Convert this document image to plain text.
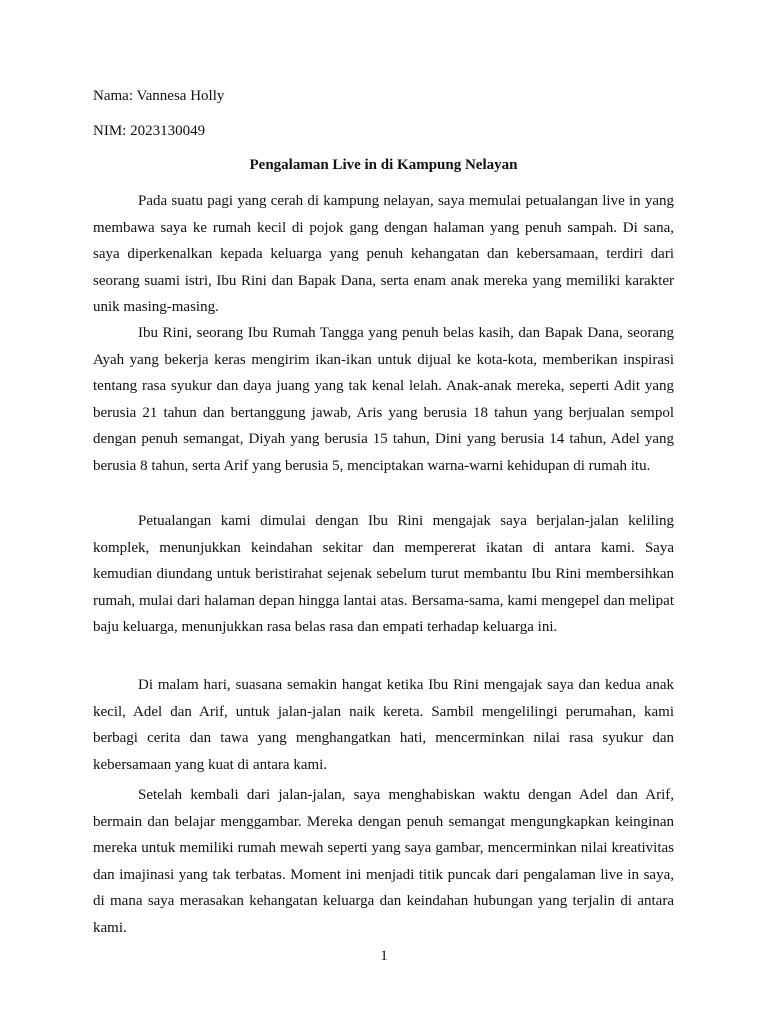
Nama: Vannesa Holly
NIM: 2023130049
Pengalaman Live in di Kampung Nelayan

Pada suatu pagi yang cerah di kampung nelayan, saya memulai petualangan live in yang membawa saya ke rumah kecil di pojok gang dengan halaman yang penuh sampah. Di sana, saya diperkenalkan kepada keluarga yang penuh kehangatan dan kebersamaan, terdiri dari seorang suami istri, Ibu Rini dan Bapak Dana, serta enam anak mereka yang memiliki karakter unik masing-masing.

Ibu Rini, seorang Ibu Rumah Tangga yang penuh belas kasih, dan Bapak Dana, seorang Ayah yang bekerja keras mengirim ikan-ikan untuk dijual ke kota-kota, memberikan inspirasi tentang rasa syukur dan daya juang yang tak kenal lelah. Anak-anak mereka, seperti Adit yang berusia 21 tahun dan bertanggung jawab, Aris yang berusia 18 tahun yang berjualan sempol dengan penuh semangat, Diyah yang berusia 15 tahun, Dini yang berusia 14 tahun, Adel yang berusia 8 tahun, serta Arif yang berusia 5, menciptakan warna-warni kehidupan di rumah itu.

Petualangan kami dimulai dengan Ibu Rini mengajak saya berjalan-jalan keliling komplek, menunjukkan keindahan sekitar dan mempererat ikatan di antara kami. Saya kemudian diundang untuk beristirahat sejenak sebelum turut membantu Ibu Rini membersihkan rumah, mulai dari halaman depan hingga lantai atas. Bersama-sama, kami mengepel dan melipat baju keluarga, menunjukkan rasa belas rasa dan empati terhadap keluarga ini.

Di malam hari, suasana semakin hangat ketika Ibu Rini mengajak saya dan kedua anak kecil, Adel dan Arif, untuk jalan-jalan naik kereta. Sambil mengelilingi perumahan, kami berbagi cerita dan tawa yang menghangatkan hati, mencerminkan nilai rasa syukur dan kebersamaan yang kuat di antara kami.

Setelah kembali dari jalan-jalan, saya menghabiskan waktu dengan Adel dan Arif, bermain dan belajar menggambar. Mereka dengan penuh semangat mengungkapkan keinginan mereka untuk memiliki rumah mewah seperti yang saya gambar, mencerminkan nilai kreativitas dan imajinasi yang tak terbatas. Moment ini menjadi titik puncak dari pengalaman live in saya, di mana saya merasakan kehangatan keluarga dan keindahan hubungan yang terjalin di antara kami.

1
